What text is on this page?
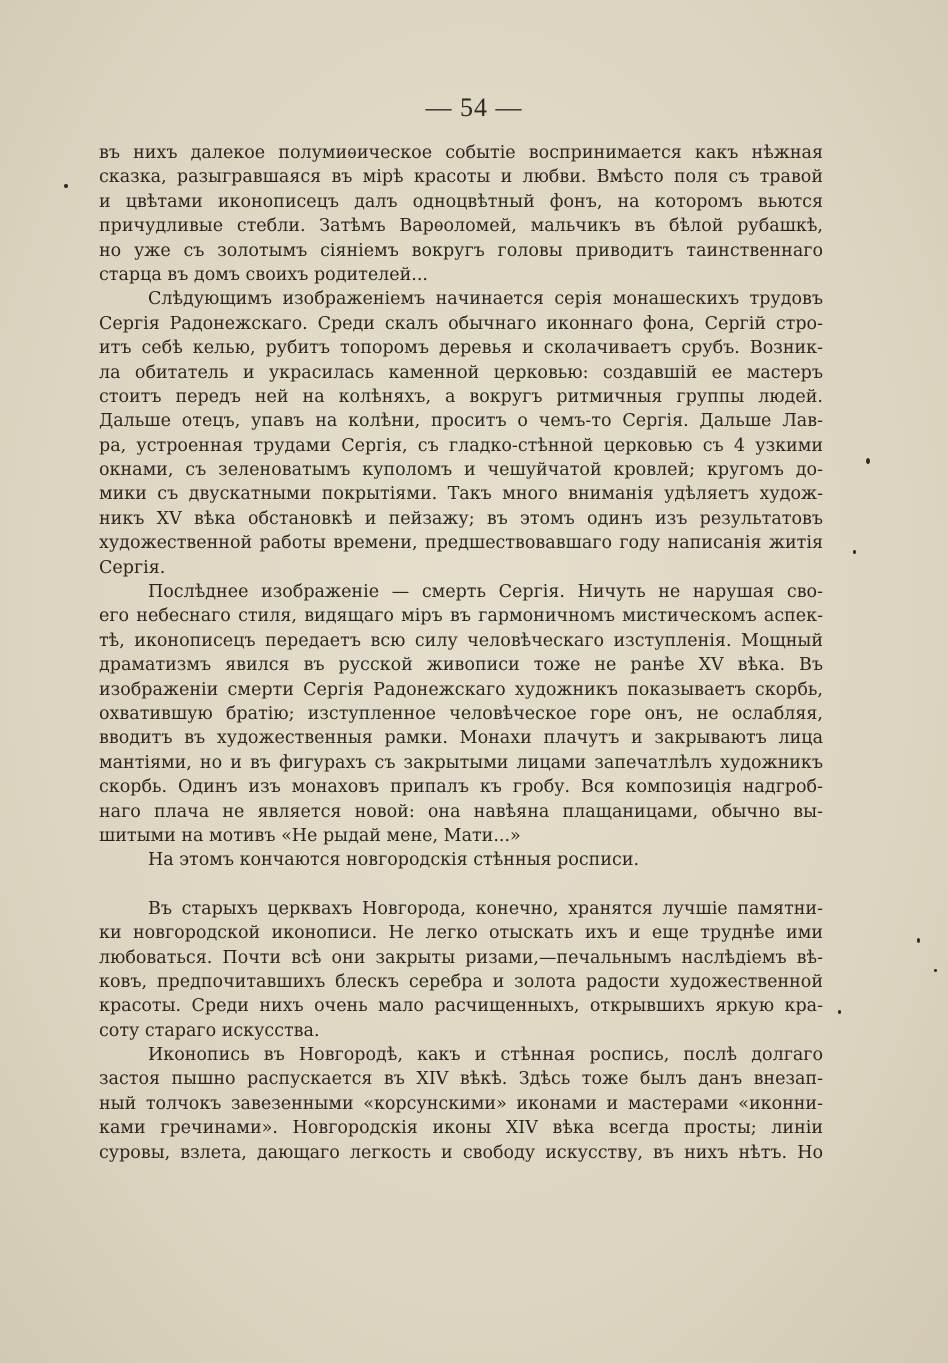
— 54 —
въ нихъ далекое полумиѳическое событіе воспринимается какъ нѣжная
сказка, разыгравшаяся въ мірѣ красоты и любви. Вмѣсто поля съ травой
и цвѣтами иконописецъ далъ одноцвѣтный фонъ, на которомъ вьются
причудливые стебли. Затѣмъ Варѳоломей, мальчикъ въ бѣлой рубашкѣ,
но уже съ золотымъ сіяніемъ вокругъ головы приводитъ таинственнаго
старца въ домъ своихъ родителей...
Слѣдующимъ изображеніемъ начинается серія монашескихъ трудовъ
Сергія Радонежскаго. Среди скалъ обычнаго иконнаго фона, Сергій стро-
итъ себѣ келью, рубитъ топоромъ деревья и сколачиваетъ срубъ. Возник-
ла обитатель и украсилась каменной церковью: создавшій ее мастеръ
стоитъ передъ ней на колѣняхъ, а вокругъ ритмичныя группы людей.
Дальше отецъ, упавъ на колѣни, проситъ о чемъ-то Сергія. Дальше Лав-
ра, устроенная трудами Сергія, съ гладко-стѣнной церковью съ 4 узкими
окнами, съ зеленоватымъ куполомъ и чешуйчатой кровлей; кругомъ до-
мики съ двускатными покрытіями. Такъ много вниманія удѣляетъ худож-
никъ XV вѣка обстановкѣ и пейзажу; въ этомъ одинъ изъ результатовъ
художественной работы времени, предшествовавшаго году написанія житія
Сергія.
Послѣднее изображеніе — смерть Сергія. Ничуть не нарушая сво-
его небеснаго стиля, видящаго міръ въ гармоничномъ мистическомъ аспек-
тѣ, иконописецъ передаетъ всю силу человѣческаго изступленія. Мощный
драматизмъ явился въ русской живописи тоже не ранѣе XV вѣка. Въ
изображеніи смерти Сергія Радонежскаго художникъ показываетъ скорбь,
охватившую братію; изступленное человѣческое горе онъ, не ослабляя,
вводитъ въ художественныя рамки. Монахи плачутъ и закрываютъ лица
мантіями, но и въ фигурахъ съ закрытыми лицами запечатлѣлъ художникъ
скорбь. Одинъ изъ монаховъ припалъ къ гробу. Вся композиція надгроб-
наго плача не является новой: она навѣяна плащаницами, обычно вы-
шитыми на мотивъ «Не рыдай мене, Мати...»
На этомъ кончаются новгородскія стѣнныя росписи.
Въ старыхъ церквахъ Новгорода, конечно, хранятся лучшіе памятни-
ки новгородской иконописи. Не легко отыскать ихъ и еще труднѣе ими
любоваться. Почти всѣ они закрыты ризами,—печальнымъ наслѣдіемъ вѣ-
ковъ, предпочитавшихъ блескъ серебра и золота радости художественной
красоты. Среди нихъ очень мало расчищенныхъ, открывшихъ яркую кра-
соту стараго искусства.
Иконопись въ Новгородѣ, какъ и стѣнная роспись, послѣ долгаго
застоя пышно распускается въ XIV вѣкѣ. Здѣсь тоже былъ данъ внезап-
ный толчокъ завезенными «корсунскими» иконами и мастерами «иконни-
ками гречинами». Новгородскія иконы XIV вѣка всегда просты; линіи
суровы, взлета, дающаго легкость и свободу искусству, въ нихъ нѣтъ. Но
